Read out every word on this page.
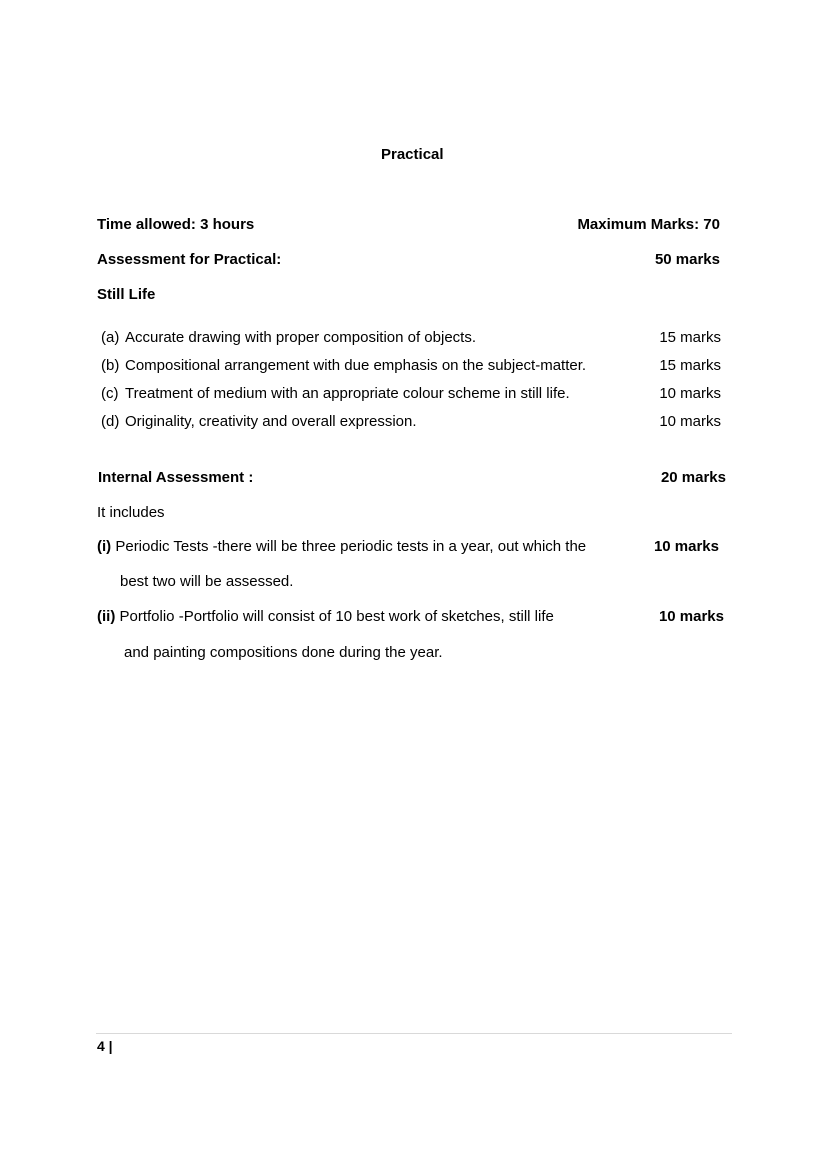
Practical
Time allowed: 3 hours	Maximum Marks: 70
Assessment for Practical:	50 marks
Still Life
(a) Accurate drawing with proper composition of objects.	15 marks
(b) Compositional arrangement with due emphasis on the subject-matter.	15 marks
(c) Treatment of medium with an appropriate colour scheme in still life.	10 marks
(d) Originality, creativity and overall expression.	10 marks
Internal Assessment :	20 marks
It includes
(i) Periodic Tests -there will be three periodic tests in a year, out which the	10 marks
best two will be assessed.
(ii) Portfolio -Portfolio will consist of 10 best work of sketches, still life	10 marks
and painting compositions done during the year.
4 |
